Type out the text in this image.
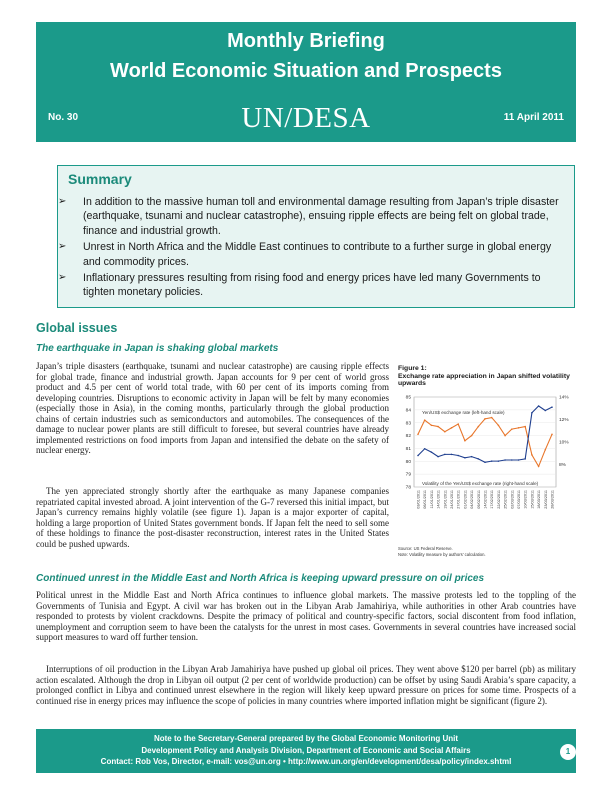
Monthly Briefing
World Economic Situation and Prospects
No. 30	UN/DESA	11 April 2011
Summary
➢ In addition to the massive human toll and environmental damage resulting from Japan’s triple disaster (earthquake, tsunami and nuclear catastrophe), ensuing ripple effects are being felt on global trade, finance and industrial growth.
➢ Unrest in North Africa and the Middle East continues to contribute to a further surge in global energy and commodity prices.
➢ Inflationary pressures resulting from rising food and energy prices have led many Governments to tighten monetary policies.
Global issues
The earthquake in Japan is shaking global markets

Japan’s triple disasters (earthquake, tsunami and nuclear catastrophe) are causing ripple effects for global trade, finance and industrial growth. Japan accounts for 9 per cent of world gross product and 4.5 per cent of world total trade, with 60 per cent of its imports coming from developing countries. Disruptions to economic activity in Japan will be felt by many economies (especially those in Asia), in the coming months, particularly through the global production chains of certain industries such as semiconductors and automobiles. The consequences of the damage to nuclear power plants are still difficult to foresee, but several countries have already implemented restrictions on food imports from Japan and intensified the debate on the safety of nuclear energy.

The yen appreciated strongly shortly after the earthquake as many Japanese companies repatriated capital invested abroad. A joint intervention of the G-7 reversed this initial impact, but Japan’s currency remains highly volatile (see figure 1). Japan is a major exporter of capital, holding a large proportion of United States government bonds. If Japan felt the need to sell some of these holdings to finance the post-disaster reconstruction, interest rates in the United States could be pushed upwards.

Figure 1:
Exchange rate appreciation in Japan shifted volatility upwards
85
84
83
82
81
80
79
78
14%
12%
10%
8%
Yen/US$ exchange rate (left-hand scale)
Volatility of the Yen/US$ exchange rate (right-hand scale)
03/01/2011 06/01/2011 11/01/2011 14/01/2011 19/01/2011 24/01/2011 27/01/2011 01/02/2011 04/02/2011 09/02/2011 14/02/2011 17/02/2011 22/02/2011 25/02/2011 02/03/2011 07/03/2011 10/03/2011 15/03/2011 18/03/2011 23/03/2011 28/03/2011
Source: US Federal Reserve.
Note: Volatility measure by authors’ calculation.
Continued unrest in the Middle East and North Africa is keeping upward pressure on oil prices

Political unrest in the Middle East and North Africa continues to influence global markets. The massive protests led to the toppling of the Governments of Tunisia and Egypt. A civil war has broken out in the Libyan Arab Jamahiriya, while authorities in other Arab countries have responded to protests by violent crackdowns. Despite the primacy of political and country-specific factors, social discontent from food inflation, unemployment and corruption seem to have been the catalysts for the unrest in most cases. Governments in several countries have increased social support measures to ward off further tension.

Interruptions of oil production in the Libyan Arab Jamahiriya have pushed up global oil prices. They went above $120 per barrel (pb) as military action escalated. Although the drop in Libyan oil output (2 per cent of worldwide production) can be offset by using Saudi Arabia’s spare capacity, a prolonged conflict in Libya and continued unrest elsewhere in the region will likely keep upward pressure on prices for some time. Prospects of a continued rise in energy prices may influence the scope of policies in many countries where imported inflation might be significant (figure 2).

Note to the Secretary-General prepared by the Global Economic Monitoring Unit
Development Policy and Analysis Division, Department of Economic and Social Affairs
Contact: Rob Vos, Director, e-mail: vos@un.org • http://www.un.org/en/development/desa/policy/index.shtml
1
